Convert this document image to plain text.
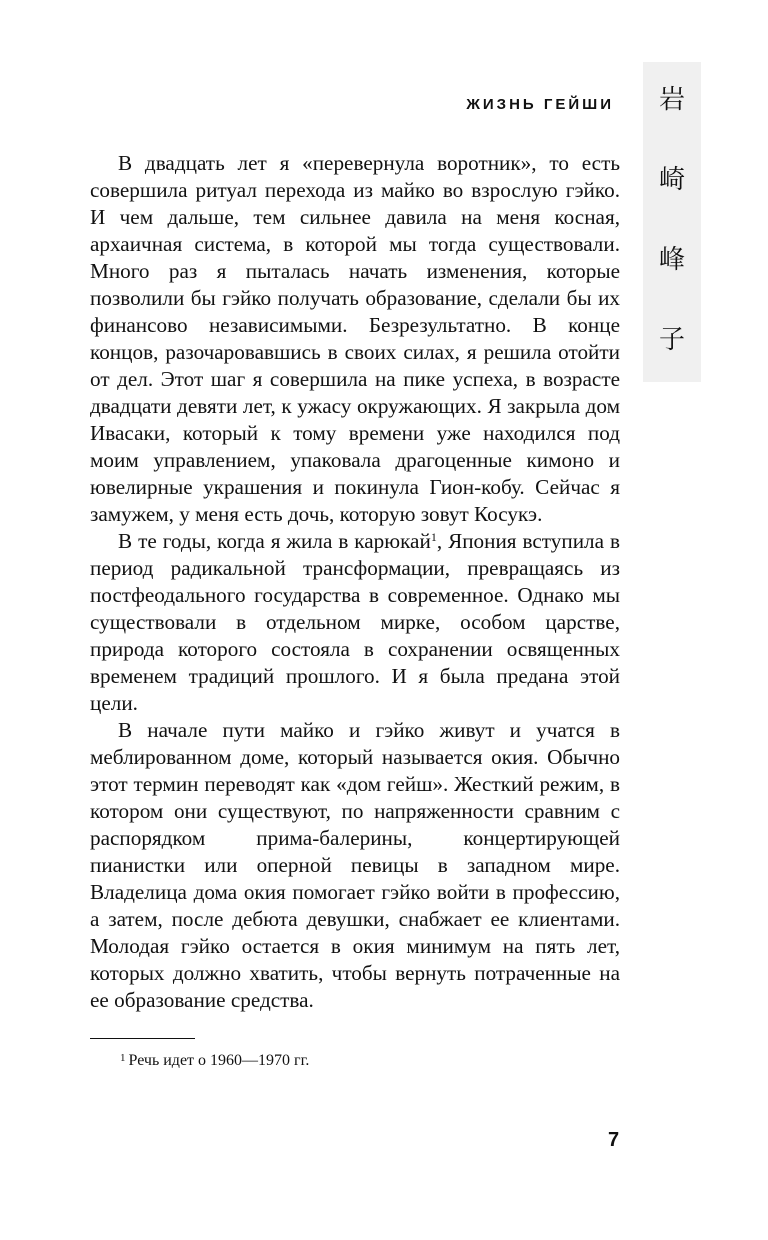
ЖИЗНЬ ГЕЙШИ 岩
崎
峰
子

В двадцать лет я «перевернула воротник», то есть совершила ритуал перехода из майко во взрослую гэйко. И чем дальше, тем сильнее давила на меня косная, архаичная система, в которой мы тогда существовали. Много раз я пыталась начать изменения, которые позволили бы гэйко получать образование, сделали бы их финансово независимыми. Безрезультатно. В конце концов, разочаровавшись в своих силах, я решила отойти от дел. Этот шаг я совершила на пике успеха, в возрасте двадцати девяти лет, к ужасу окружающих. Я закрыла дом Ивасаки, который к тому времени уже находился под моим управлением, упаковала драгоценные кимоно и ювелирные украшения и покинула Гион-кобу. Сейчас я замужем, у меня есть дочь, которую зовут Косукэ.

В те годы, когда я жила в карюкай$^1$, Япония вступила в период радикальной трансформации, превращаясь из постфеодального государства в современное. Однако мы существовали в отдельном мирке, особом царстве, природа которого состояла в сохранении освященных временем традиций прошлого. И я была предана этой цели.

В начале пути майко и гэйко живут и учатся в меблированном доме, который называется окия. Обычно этот термин переводят как «дом гейш». Жесткий режим, в котором они существуют, по напряженности сравним с распорядком прима-балерины, концертирующей пианистки или оперной певицы в западном мире. Владелица дома окия помогает гэйко войти в профессию, а затем, после дебюта девушки, снабжает ее клиентами. Молодая гэйко остается в окия минимум на пять лет, которых должно хватить, чтобы вернуть потраченные на ее образование средства.

$^1$ Речь идет о 1960—1970 гг.
7
